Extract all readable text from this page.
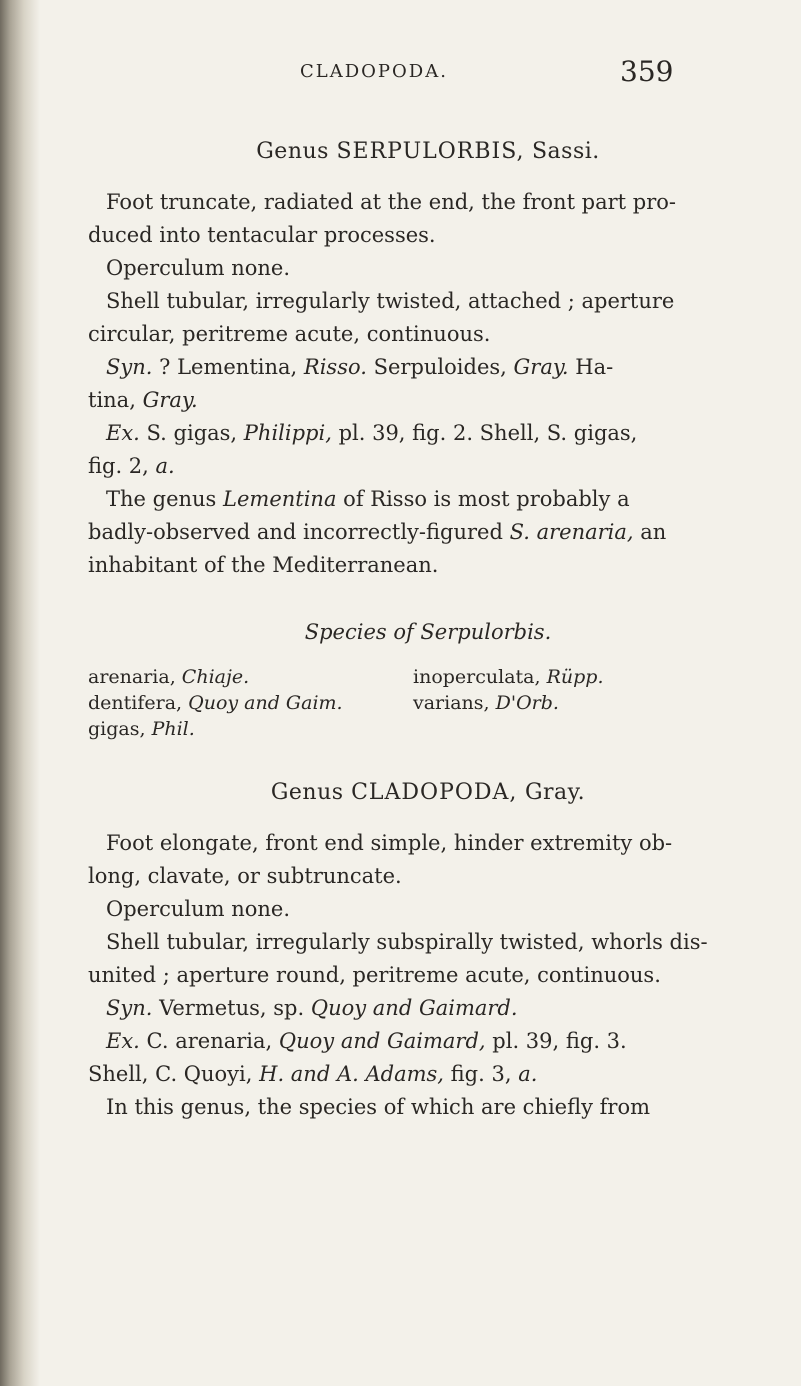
CLADOPODA.	359
Genus SERPULORBIS, Sassi.

Foot truncate, radiated at the end, the front part pro-
duced into tentacular processes.

Operculum none.

Shell tubular, irregularly twisted, attached ; aperture
circular, peritreme acute, continuous.

Syn. ? Lementina, Risso. Serpuloides, Gray. Ha-
tina, Gray.

Ex. S. gigas, Philippi, pl. 39, fig. 2. Shell, S. gigas,
fig. 2, a.

The genus Lementina of Risso is most probably a
badly-observed and incorrectly-figured S. arenaria, an
inhabitant of the Mediterranean.

Species of Serpulorbis.
arenaria, Chiaje.
dentifera, Quoy and Gaim.
gigas, Phil.
inoperculata, Rüpp.
varians, D'Orb.
Genus CLADOPODA, Gray.

Foot elongate, front end simple, hinder extremity ob-
long, clavate, or subtruncate.

Operculum none.

Shell tubular, irregularly subspirally twisted, whorls dis-
united ; aperture round, peritreme acute, continuous.

Syn. Vermetus, sp. Quoy and Gaimard.

Ex. C. arenaria, Quoy and Gaimard, pl. 39, fig. 3.
Shell, C. Quoyi, H. and A. Adams, fig. 3, a.

In this genus, the species of which are chiefly from
